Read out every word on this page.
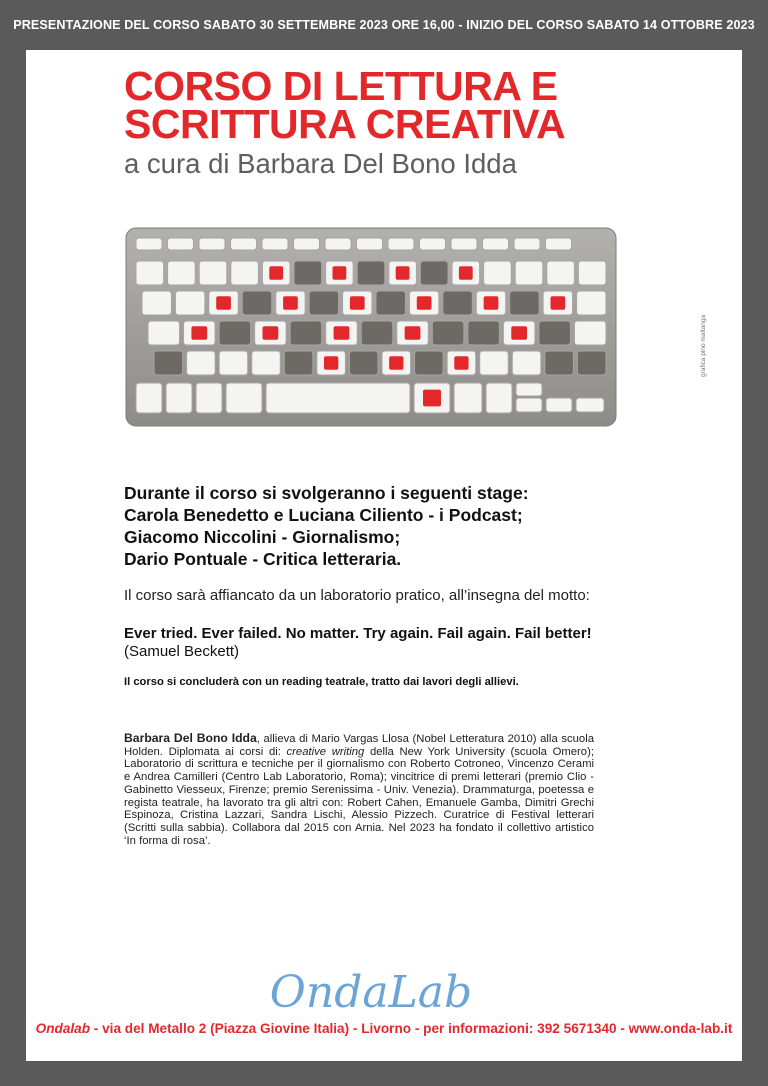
PRESENTAZIONE DEL CORSO SABATO 30 SETTEMBRE 2023 ORE 16,00 - INIZIO DEL CORSO SABATO 14 OTTOBRE 2023
CORSO DI LETTURA E
SCRITTURA CREATIVA
a cura di Barbara Del Bono Idda
grafica pino maltanga
Durante il corso si svolgeranno i seguenti stage:
Carola Benedetto e Luciana Ciliento - i Podcast;
Giacomo Niccolini - Giornalismo;
Dario Pontuale - Critica letteraria.
Il corso sarà affiancato da un laboratorio pratico, all’insegna del motto:
Ever tried. Ever failed. No matter. Try again. Fail again. Fail better! (Samuel Beckett)
Il corso si concluderà con un reading teatrale, tratto dai lavori degli allievi.
Barbara Del Bono Idda, allieva di Mario Vargas Llosa (Nobel Letteratura 2010) alla scuola Holden. Diplomata ai corsi di: creative writing della New York University (scuola Omero); Laboratorio di scrittura e tecniche per il giornalismo con Roberto Cotroneo, Vincenzo Cerami e Andrea Camilleri (Centro Lab Laboratorio, Roma); vincitrice di premi letterari (premio Clio - Gabinetto Viesseux, Firenze; premio Serenissima - Univ. Venezia). Drammaturga, poetessa e regista teatrale, ha lavorato tra gli altri con: Robert Cahen, Emanuele Gamba, Dimitri Grechi Espinoza, Cristina Lazzari, Sandra Lischi, Alessio Pizzech. Curatrice di Festival letterari (Scritti sulla sabbia). Collabora dal 2015 con Arnia. Nel 2023 ha fondato il collettivo artistico ‘In forma di rosa’.
OndaLab
Ondalab - via del Metallo 2 (Piazza Giovine Italia) - Livorno - per informazioni: 392 5671340 - www.onda-lab.it
